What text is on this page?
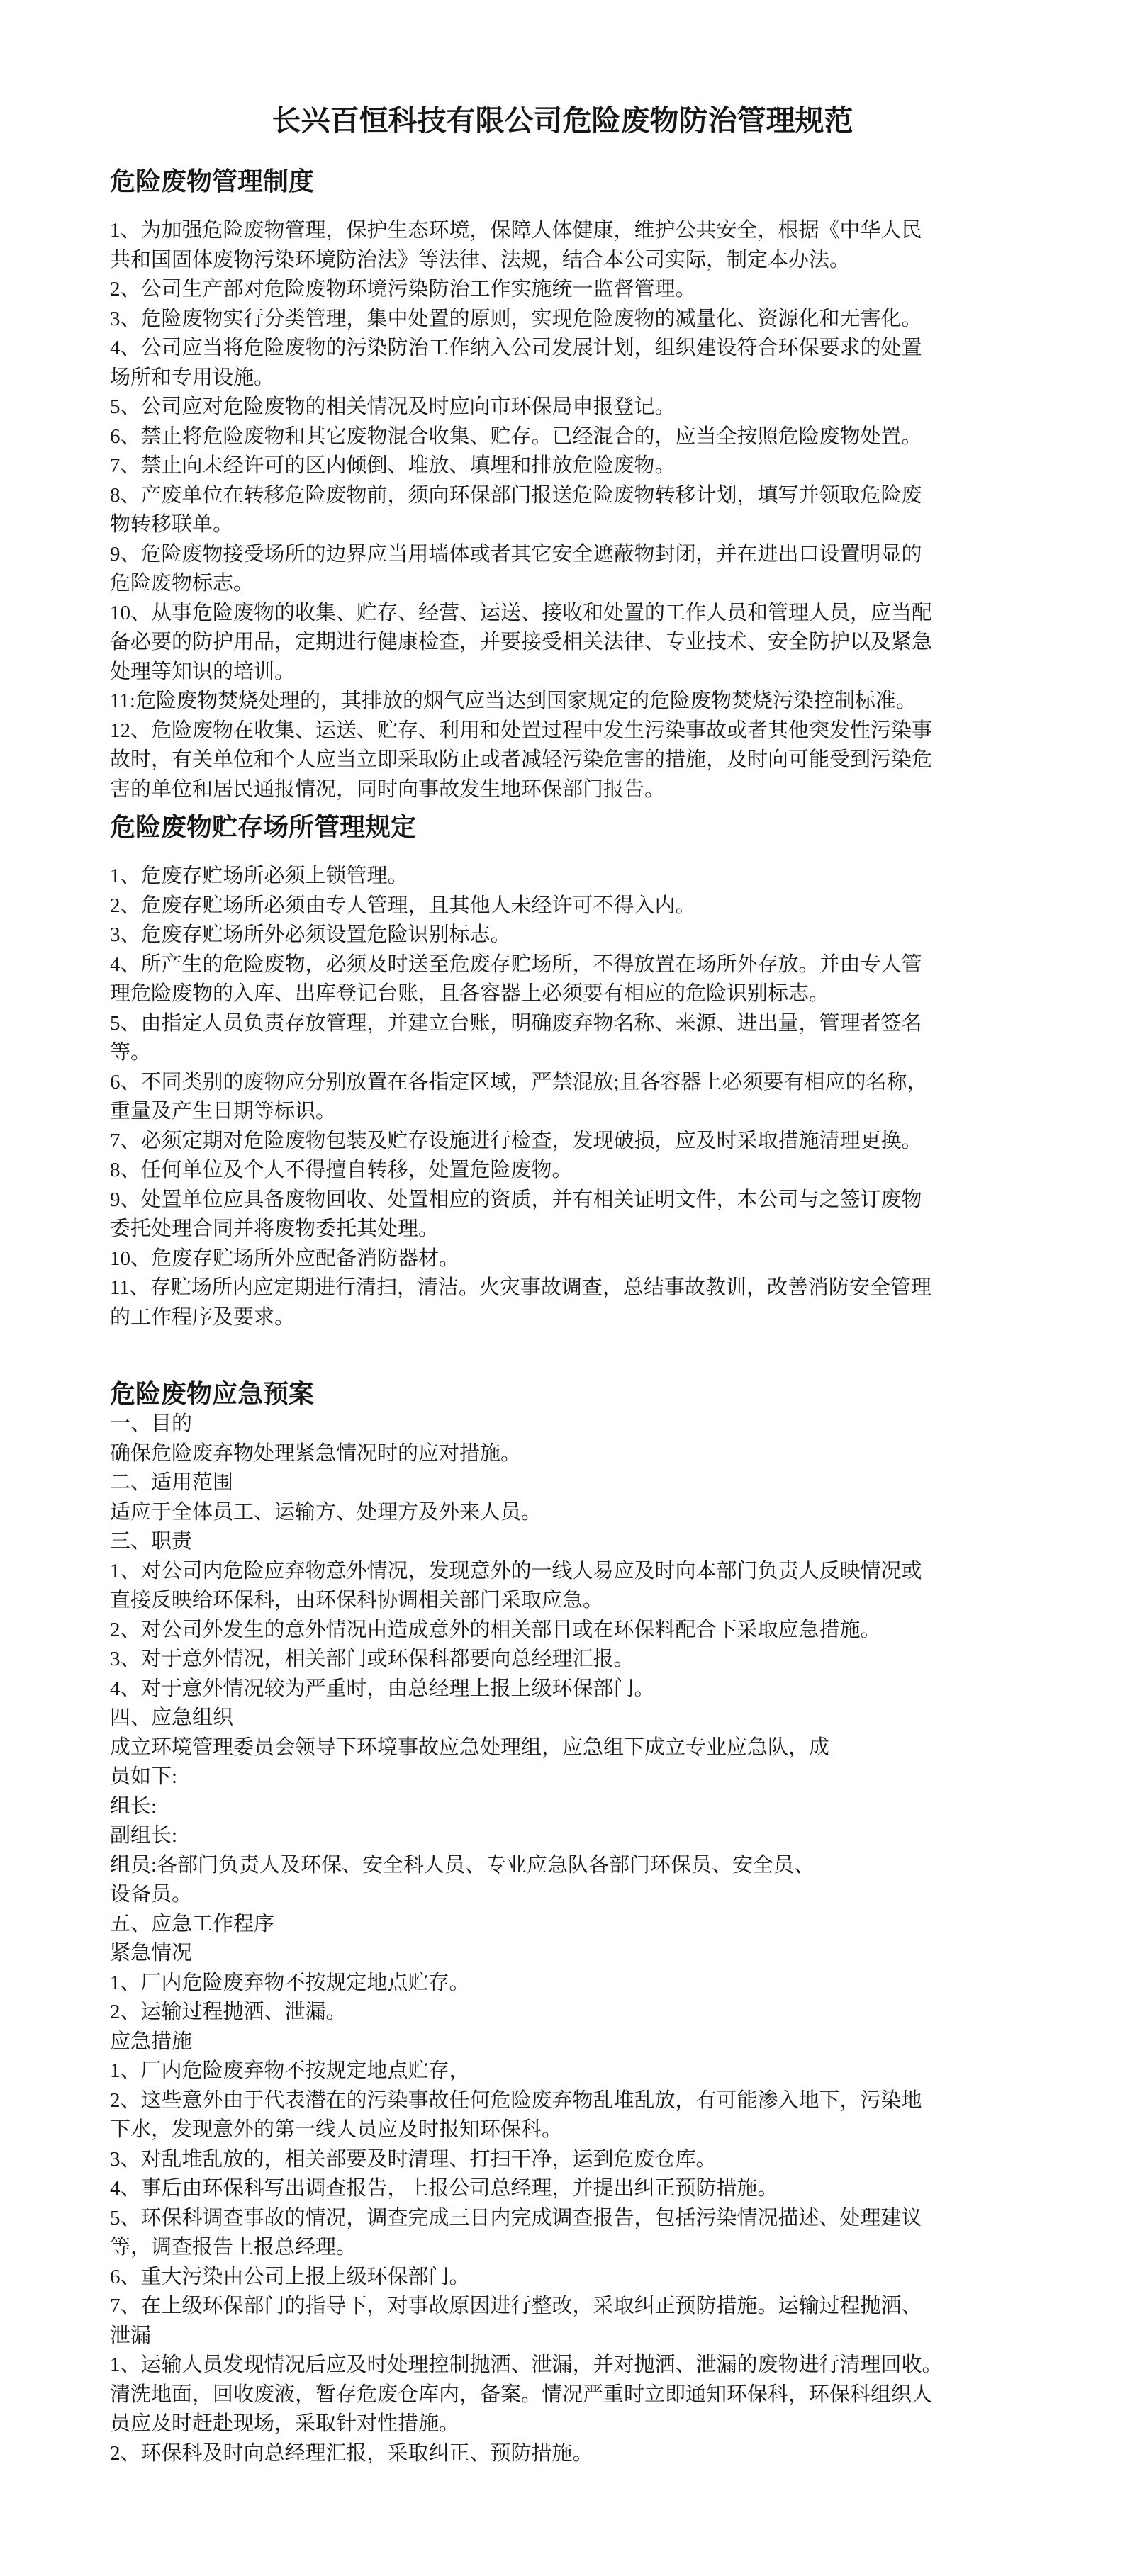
长兴百恒科技有限公司危险废物防治管理规范
危险废物管理制度
1、为加强危险废物管理，保护生态环境，保障人体健康，维护公共安全，根据《中华人民
共和国固体废物污染环境防治法》等法律、法规，结合本公司实际，制定本办法。
2、公司生产部对危险废物环境污染防治工作实施统一监督管理。
3、危险废物实行分类管理，集中处置的原则，实现危险废物的减量化、资源化和无害化。
4、公司应当将危险废物的污染防治工作纳入公司发展计划，组织建设符合环保要求的处置
场所和专用设施。
5、公司应对危险废物的相关情况及时应向市环保局申报登记。
6、禁止将危险废物和其它废物混合收集、贮存。已经混合的，应当全按照危险废物处置。
7、禁止向未经许可的区内倾倒、堆放、填埋和排放危险废物。
8、产废单位在转移危险废物前，须向环保部门报送危险废物转移计划，填写并领取危险废
物转移联单。
9、危险废物接受场所的边界应当用墙体或者其它安全遮蔽物封闭，并在进出口设置明显的
危险废物标志。
10、从事危险废物的收集、贮存、经营、运送、接收和处置的工作人员和管理人员，应当配
备必要的防护用品，定期进行健康检查，并要接受相关法律、专业技术、安全防护以及紧急
处理等知识的培训。
11:危险废物焚烧处理的，其排放的烟气应当达到国家规定的危险废物焚烧污染控制标准。
12、危险废物在收集、运送、贮存、利用和处置过程中发生污染事故或者其他突发性污染事
故时，有关单位和个人应当立即采取防止或者减轻污染危害的措施，及时向可能受到污染危
害的单位和居民通报情况，同时向事故发生地环保部门报告。
危险废物贮存场所管理规定
1、危废存贮场所必须上锁管理。
2、危废存贮场所必须由专人管理，且其他人未经许可不得入内。
3、危废存贮场所外必须设置危险识别标志。
4、所产生的危险废物，必须及时送至危废存贮场所，不得放置在场所外存放。并由专人管
理危险废物的入库、出库登记台账，且各容器上必须要有相应的危险识别标志。
5、由指定人员负责存放管理，并建立台账，明确废弃物名称、来源、进出量，管理者签名
等。
6、不同类别的废物应分别放置在各指定区域，严禁混放;且各容器上必须要有相应的名称，
重量及产生日期等标识。
7、必须定期对危险废物包装及贮存设施进行检查，发现破损，应及时采取措施清理更换。
8、任何单位及个人不得擅自转移，处置危险废物。
9、处置单位应具备废物回收、处置相应的资质，并有相关证明文件，本公司与之签订废物
委托处理合同并将废物委托其处理。
10、危废存贮场所外应配备消防器材。
11、存贮场所内应定期进行清扫，清洁。火灾事故调查，总结事故教训，改善消防安全管理
的工作程序及要求。
危险废物应急预案
一、目的
确保危险废弃物处理紧急情况时的应对措施。
二、适用范围
适应于全体员工、运输方、处理方及外来人员。
三、职责
1、对公司内危险应弃物意外情况，发现意外的一线人易应及时向本部门负责人反映情况或
直接反映给环保科，由环保科协调相关部门采取应急。
2、对公司外发生的意外情况由造成意外的相关部目或在环保料配合下采取应急措施。
3、对于意外情况，相关部门或环保科都要向总经理汇报。
4、对于意外情况较为严重时，由总经理上报上级环保部门。
四、应急组织
成立环境管理委员会领导下环境事故应急处理组，应急组下成立专业应急队，成
员如下:
组长:
副组长:
组员:各部门负责人及环保、安全科人员、专业应急队各部门环保员、安全员、
设备员。
五、应急工作程序
紧急情况
1、厂内危险废弃物不按规定地点贮存。
2、运输过程抛洒、泄漏。
应急措施
1、厂内危险废弃物不按规定地点贮存，
2、这些意外由于代表潜在的污染事故任何危险废弃物乱堆乱放，有可能渗入地下，污染地
下水，发现意外的第一线人员应及时报知环保科。
3、对乱堆乱放的，相关部要及时清理、打扫干净，运到危废仓库。
4、事后由环保科写出调查报告，上报公司总经理，并提出纠正预防措施。
5、环保科调查事故的情况，调查完成三日内完成调查报告，包括污染情况描述、处理建议
等，调查报告上报总经理。
6、重大污染由公司上报上级环保部门。
7、在上级环保部门的指导下，对事故原因进行整改，采取纠正预防措施。运输过程抛洒、
泄漏
1、运输人员发现情况后应及时处理控制抛洒、泄漏，并对抛洒、泄漏的废物进行清理回收。
清洗地面，回收废液，暂存危废仓库内，备案。情况严重时立即通知环保科，环保科组织人
员应及时赶赴现场，采取针对性措施。
2、环保科及时向总经理汇报，采取纠正、预防措施。
